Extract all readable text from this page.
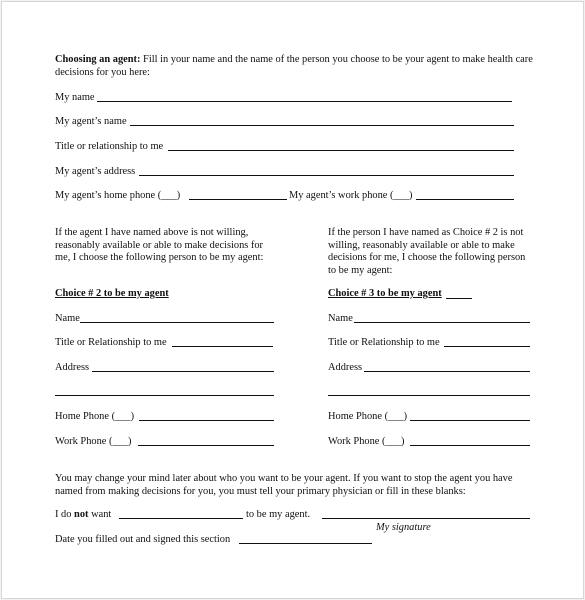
Choosing an agent: Fill in your name and the name of the person you choose to be your agent to make health care decisions for you here:
My name
My agent’s name
Title or relationship to me
My agent’s address
My agent’s home phone (___)	My agent’s work phone (___)
If the agent I have named above is not willing, reasonably available or able to make decisions for me, I choose the following person to be my agent:
If the person I have named as Choice # 2 is not willing, reasonably available or able to make decisions for me, I choose the following person to be my agent:
Choice # 2 to be my agent
Name
Title or Relationship to me
Address
Home Phone (___)
Work Phone (___)
Choice # 3 to be my agent
Name
Title or Relationship to me
Address
Home Phone (___)
Work Phone (___)
You may change your mind later about who you want to be your agent. If you want to stop the agent you have named from making decisions for you, you must tell your primary physician or fill in these blanks:
I do not want	to be my agent.
My signature
Date you filled out and signed this section
